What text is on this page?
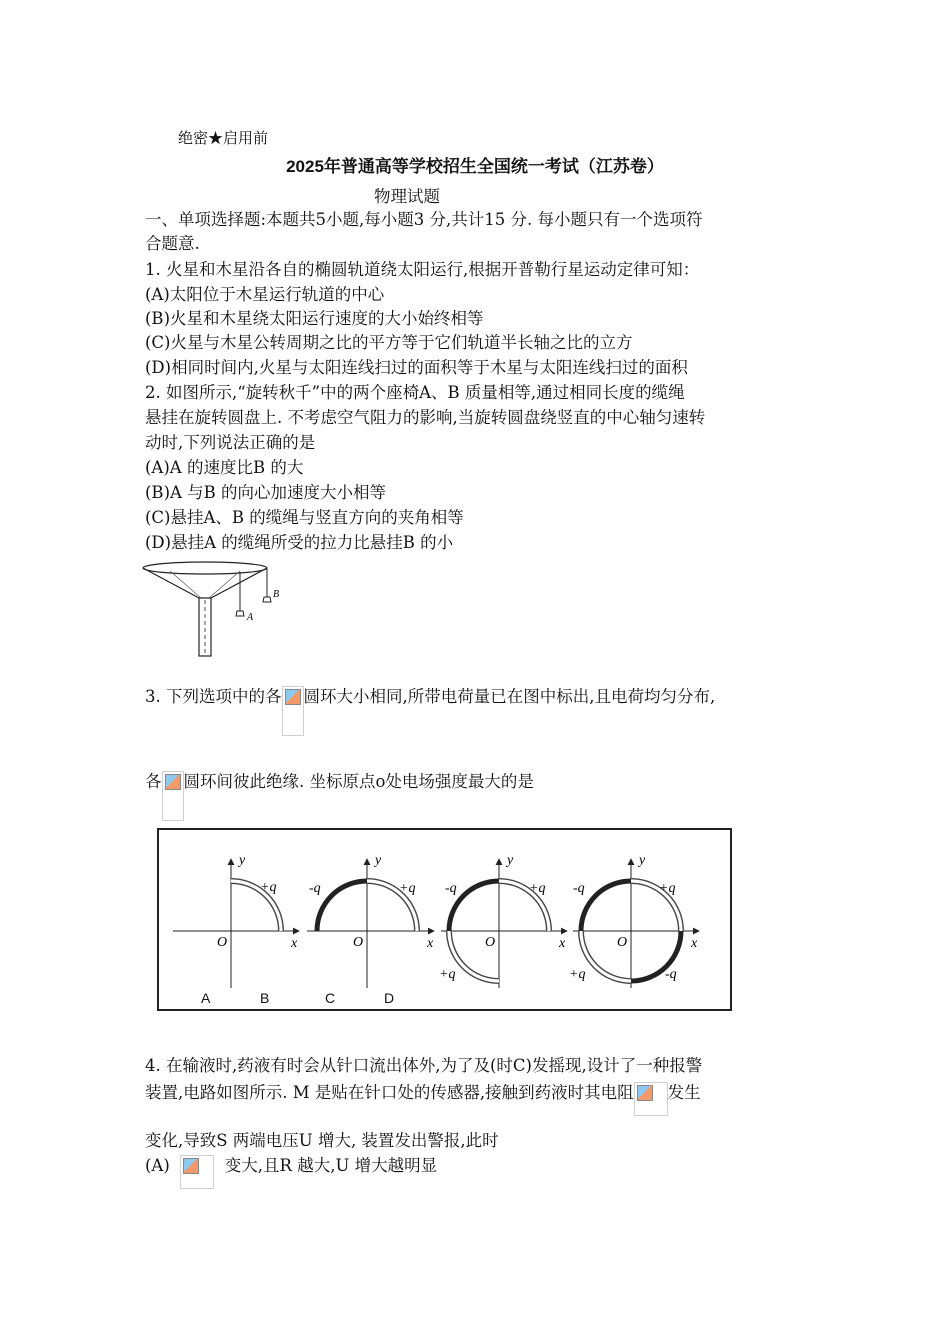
绝密★启用前
2025年普通高等学校招生全国统一考试（江苏卷）
物理试题
一、单项选择题:本题共5小题,每小题3 分,共计15 分. 每小题只有一个选项符
合题意.
1. 火星和木星沿各自的椭圆轨道绕太阳运行,根据开普勒行星运动定律可知：
(A)太阳位于木星运行轨道的中心
(B)火星和木星绕太阳运行速度的大小始终相等
(C)火星与木星公转周期之比的平方等于它们轨道半长轴之比的立方
(D)相同时间内,火星与太阳连线扫过的面积等于木星与太阳连线扫过的面积
2. 如图所示,“旋转秋千”中的两个座椅A、B 质量相等,通过相同长度的缆绳
悬挂在旋转圆盘上. 不考虑空气阻力的影响,当旋转圆盘绕竖直的中心轴匀速转
动时,下列说法正确的是
(A)A 的速度比B 的大
(B)A 与B 的向心加速度大小相等
(C)悬挂A、B 的缆绳与竖直方向的夹角相等
(D)悬挂A 的缆绳所受的拉力比悬挂B 的小
A
B
3. 下列选项中的各 圆环大小相同,所带电荷量已在图中标出,且电荷均匀分布,
各 圆环间彼此绝缘. 坐标原点o处电场强度最大的是
y
x
O
+q
y
x
O
-q	+q
y
x
O
-q	+q
+q
y
x
O
-q	+q
+q	-q
A	B	C	D
4. 在输液时,药液有时会从针口流出体外,为了及(时C)发摇现,设计了一种报警
装置,电路如图所示. M 是贴在针口处的传感器,接触到药液时其电阻 发生
变化,导致S 两端电压U 增大, 装置发出警报,此时
(A)	变大,且R 越大,U 增大越明显
